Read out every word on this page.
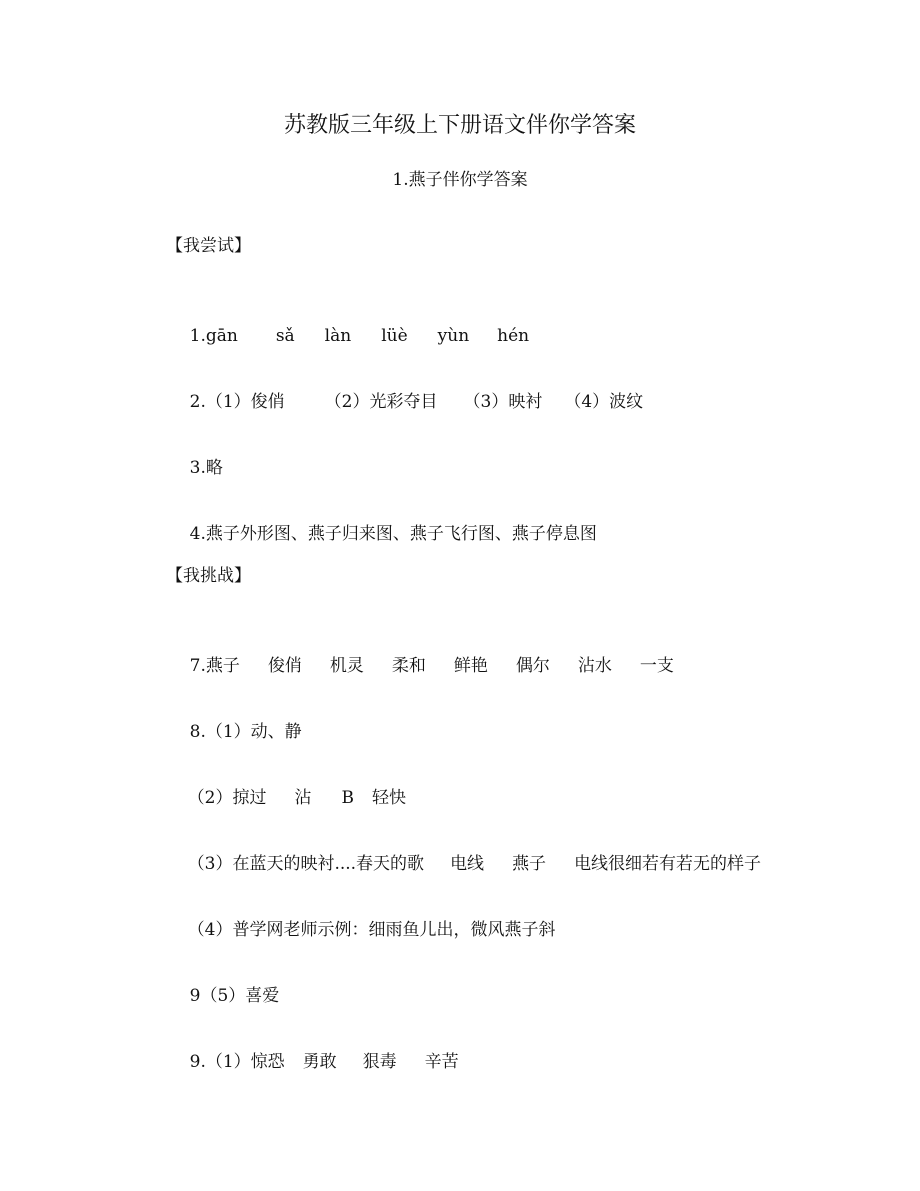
苏教版三年级上下册语文伴你学答案
1.燕子伴你学答案
【我尝试】

1.gān sǎ làn lüè yùn hén

2.（1）俊俏 （2）光彩夺目 （3）映衬 （4）波纹

3.略

4.燕子外形图、燕子归来图、燕子飞行图、燕子停息图

【我挑战】

7.燕子 俊俏 机灵 柔和 鲜艳 偶尔 沾水 一支

8.（1）动、静

（2）掠过 沾 B 轻快

（3）在蓝天的映衬....春天的歌 电线 燕子 电线很细若有若无的样子

（4）普学网老师示例：细雨鱼儿出，微风燕子斜

9（5）喜爱

9.（1）惊恐 勇敢 狠毒 辛苦
